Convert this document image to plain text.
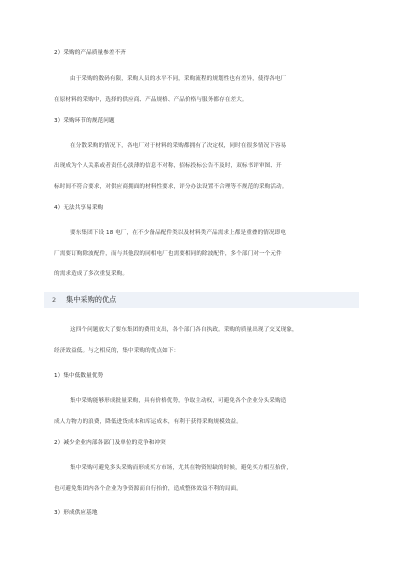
2）采购的产品质量参差不齐
由于采购的数码有限，采购人员的水平不同，采购流程的规划性也有差异，使得各电厂
在原材料的采购中，选择的供应商、产品规格、产品价格与服务都存在差大。
3）采购环节的规范问题
在分散采购的情况下，各电厂对于材料的采购都拥有了决定权，同时在很多情况下容易
出现成为个人关系或者责任心淡薄的信息不对称，招标投标公告不及时，双标书评审图、开
标时间不符合要求，对供应商拥面的材料性要求，评分办法设置不合理等不规范的采购活动。
4）无法共享易采购
要东集团下设 18 电厂，在不少备品配件类以及材料类产品需求上都是重叠的情况即电
厂需要订购除波配件，而与其他段的同相电厂也需要相同的除波配件，多个部门对一个元件
的需求造成了多次重复采购。
2 集中采购的优点
这四个问题放大了要东集团的费用支出，各个部门各自执政。采购的质量出现了交叉现象，
经济效益低。与之相反的，集中采购的优点如下：
1）集中低数量优势
集中采购能够形成批量采购，具有价格优势，争取主动权，可避免各个企业分头采购造
成人力物力的浪费，降低进货成本和库运成本，有利于获得采购规模效益。
2）减少企业内部各部门及单位的竞争和冲突
集中采购可避免多头采购而形成买方市场，尤其在物资短缺的时候，避免买方相互抬价，
也可避免集团内各个企业为争资源而自行抬价，造成整体效益不利的局面。
3）形成供应基地
